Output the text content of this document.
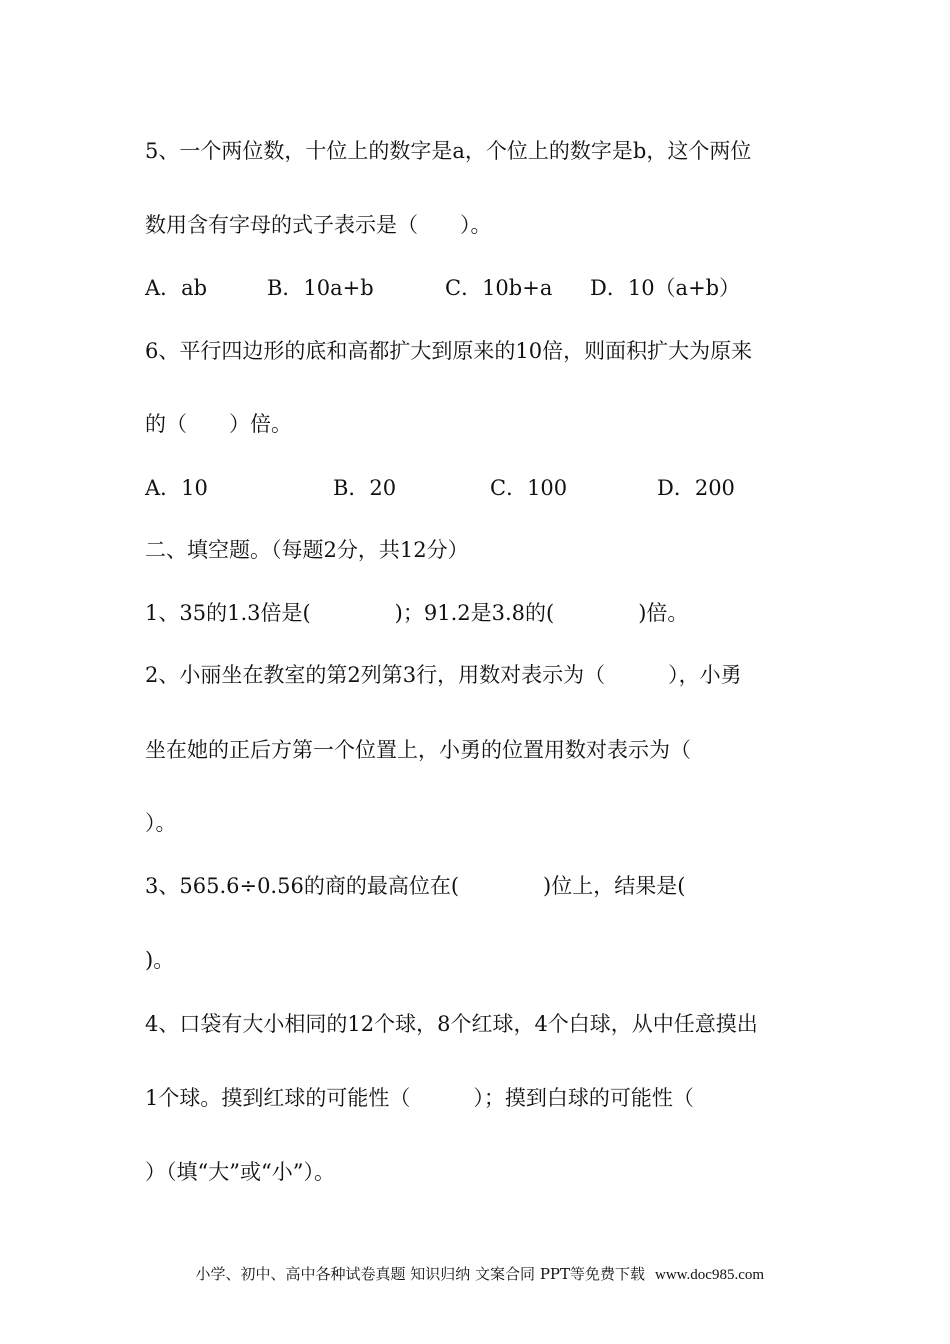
5、一个两位数，十位上的数字是a，个位上的数字是b，这个两位
数用含有字母的式子表示是（　　）。
A．ab	B．10a+b	C．10b+a D．10（a+b）
6、平行四边形的底和高都扩大到原来的10倍，则面积扩大为原来
的（　　）倍。
A．10	B．20	C．100	D．200
二、填空题。（每题2分，共12分）
1、35的1.3倍是(　　　　)；91.2是3.8的(　　　　)倍。
2、小丽坐在教室的第2列第3行，用数对表示为（　　　），小勇
坐在她的正后方第一个位置上，小勇的位置用数对表示为（
）。
3、565.6÷0.56的商的最高位在(　　　　)位上，结果是(
)。
4、口袋有大小相同的12个球，8个红球，4个白球，从中任意摸出
1个球。摸到红球的可能性（　　　）；摸到白球的可能性（
）（填“大”或“小”）。

小学、初中、高中各种试卷真题 知识归纳 文案合同 PPT等免费下载 www.doc985.com
